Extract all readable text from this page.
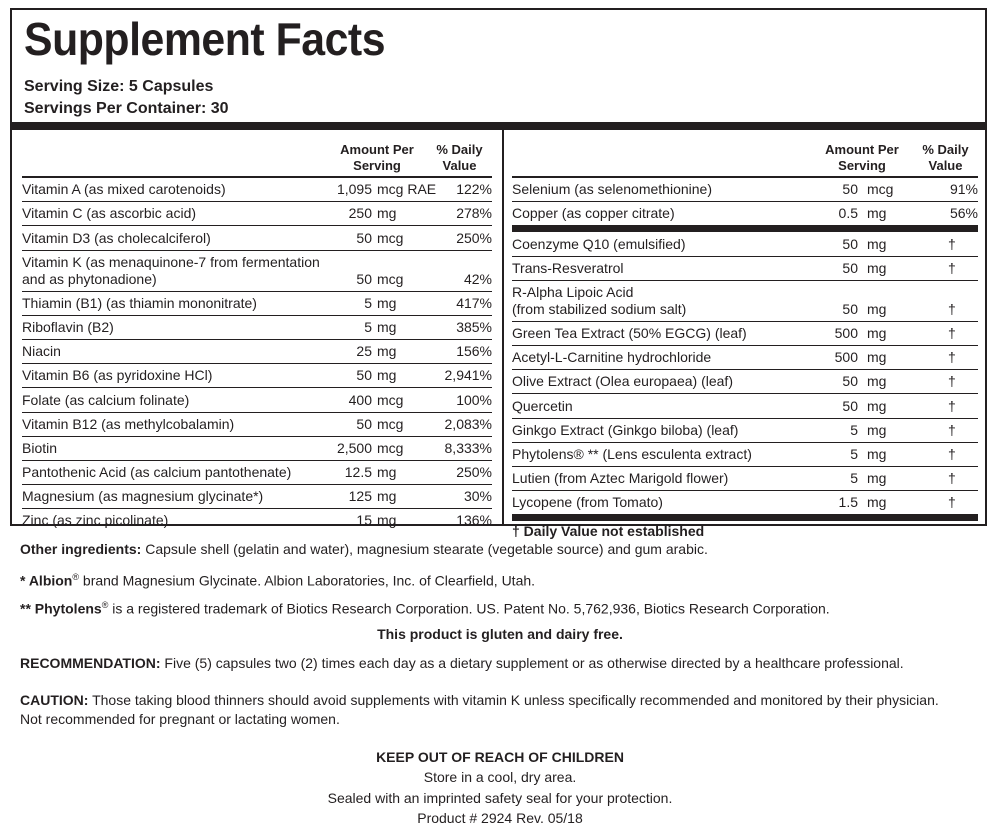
Supplement Facts
Serving Size: 5 Capsules
Servings Per Container: 30
Amount Per
Serving
% Daily
Value
Vitamin A (as mixed carotenoids)	1,095 mcg RAE 122%
Vitamin C (as ascorbic acid)	250 mg	278%
Vitamin D3 (as cholecalciferol)	50 mcg	250%
Vitamin K (as menaquinone-7 from fermentation
and as phytonadione)	50 mcg	42%
Thiamin (B1) (as thiamin mononitrate)	5 mg	417%
Riboflavin (B2)	5 mg	385%
Niacin	25 mg	156%
Vitamin B6 (as pyridoxine HCl)	50 mg	2,941%
Folate (as calcium folinate)	400 mcg	100%
Vitamin B12 (as methylcobalamin)	50 mcg	2,083%
Biotin	2,500 mcg	8,333%
Pantothenic Acid (as calcium pantothenate)	12.5 mg	250%
Magnesium (as magnesium glycinate*)	125 mg	30%
Zinc (as zinc picolinate)	15 mg	136%
Amount Per
Serving
% Daily
Value
Selenium (as selenomethionine)	50 mcg	91%
Copper (as copper citrate)	0.5 mg	56%
Coenzyme Q10 (emulsified)	50 mg	†
Trans-Resveratrol	50 mg	†
R-Alpha Lipoic Acid
(from stabilized sodium salt)	50 mg	†
Green Tea Extract (50% EGCG) (leaf)	500 mg	†
Acetyl-L-Carnitine hydrochloride	500 mg	†
Olive Extract (Olea europaea) (leaf)	50 mg	†
Quercetin	50 mg	†
Ginkgo Extract (Ginkgo biloba) (leaf)	5 mg	†
Phytolens® ** (Lens esculenta extract)	5 mg	†
Lutien (from Aztec Marigold flower)	5 mg	†
Lycopene (from Tomato)	1.5 mg	†
† Daily Value not established
Other ingredients: Capsule shell (gelatin and water), magnesium stearate (vegetable source) and gum arabic.
* Albion® brand Magnesium Glycinate. Albion Laboratories, Inc. of Clearfield, Utah.
** Phytolens® is a registered trademark of Biotics Research Corporation. US. Patent No. 5,762,936, Biotics Research Corporation.
This product is gluten and dairy free.
RECOMMENDATION: Five (5) capsules two (2) times each day as a dietary supplement or as otherwise directed by a healthcare professional.
CAUTION: Those taking blood thinners should avoid supplements with vitamin K unless specifically recommended and monitored by their physician. Not recommended for pregnant or lactating women.
KEEP OUT OF REACH OF CHILDREN
Store in a cool, dry area.
Sealed with an imprinted safety seal for your protection.
Product # 2924 Rev. 05/18
